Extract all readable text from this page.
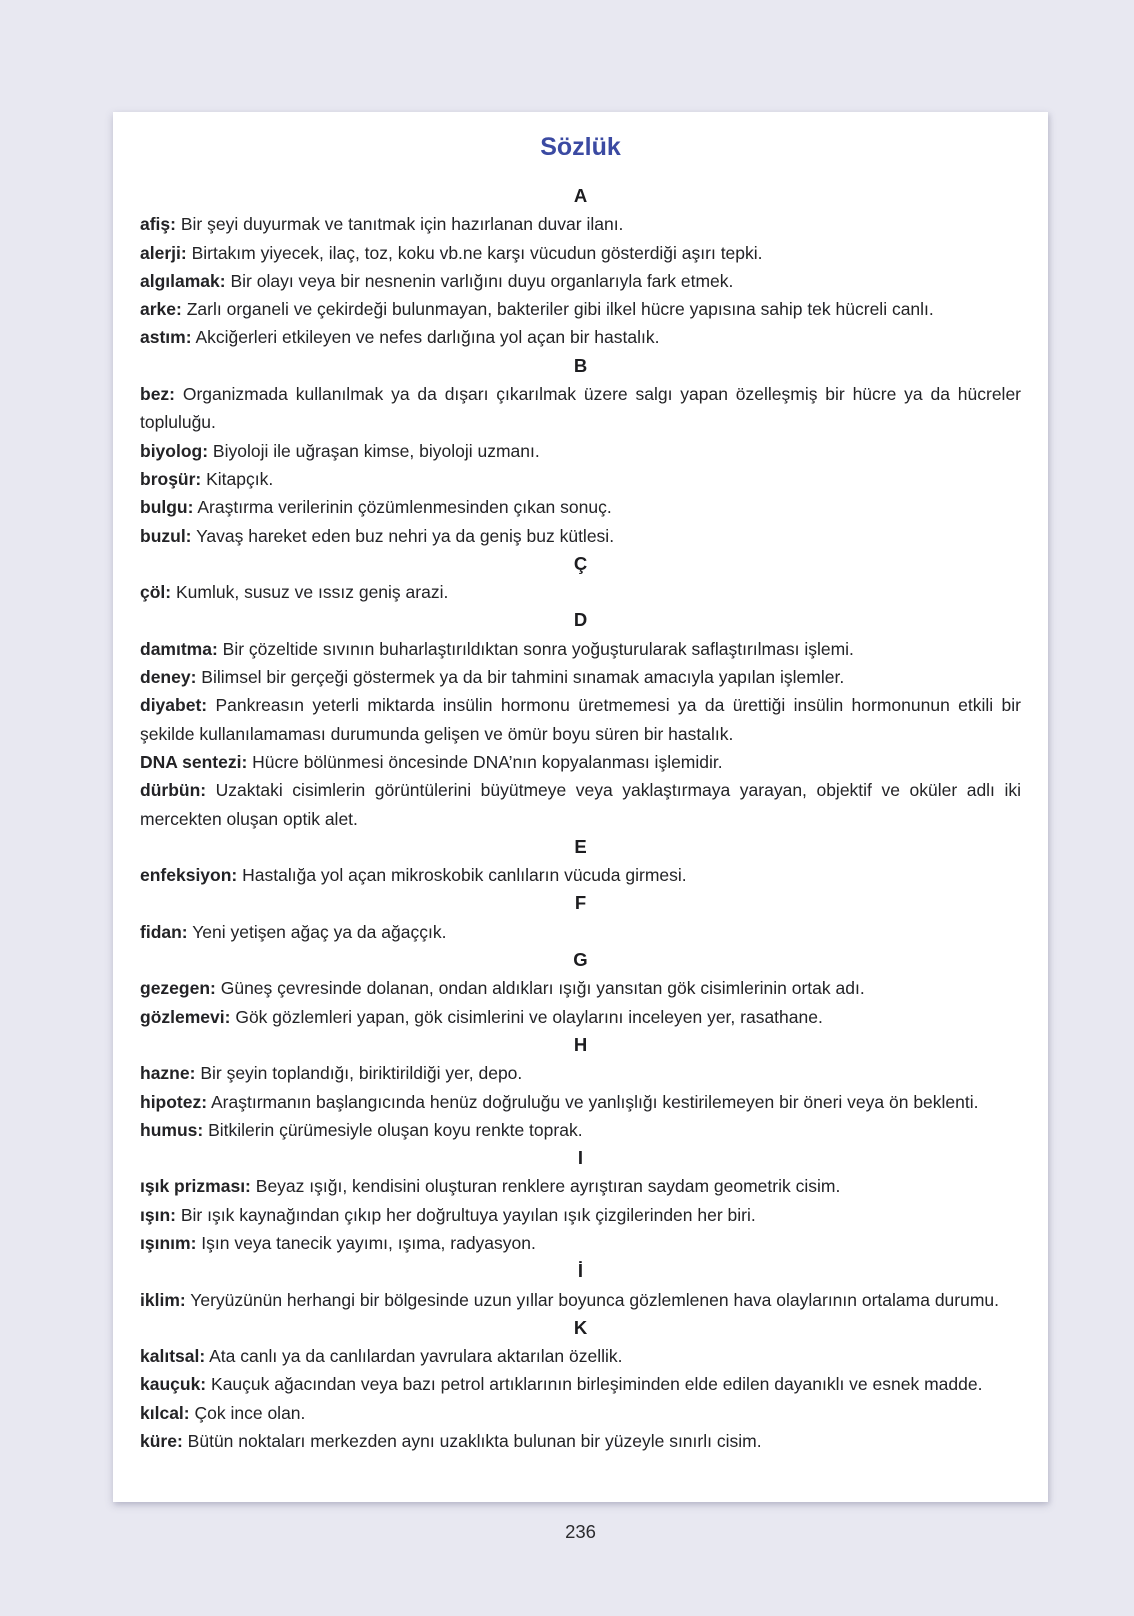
Sözlük
A

afiş: Bir şeyi duyurmak ve tanıtmak için hazırlanan duvar ilanı.

alerji: Birtakım yiyecek, ilaç, toz, koku vb.ne karşı vücudun gösterdiği aşırı tepki.

algılamak: Bir olayı veya bir nesnenin varlığını duyu organlarıyla fark etmek.

arke: Zarlı organeli ve çekirdeği bulunmayan, bakteriler gibi ilkel hücre yapısına sahip tek hücreli canlı.

astım: Akciğerleri etkileyen ve nefes darlığına yol açan bir hastalık.

B

bez: Organizmada kullanılmak ya da dışarı çıkarılmak üzere salgı yapan özelleşmiş bir hücre ya da hücreler topluluğu.

biyolog: Biyoloji ile uğraşan kimse, biyoloji uzmanı.

broşür: Kitapçık.

bulgu: Araştırma verilerinin çözümlenmesinden çıkan sonuç.

buzul: Yavaş hareket eden buz nehri ya da geniş buz kütlesi.

Ç

çöl: Kumluk, susuz ve ıssız geniş arazi.

D

damıtma: Bir çözeltide sıvının buharlaştırıldıktan sonra yoğuşturularak saflaştırılması işlemi.

deney: Bilimsel bir gerçeği göstermek ya da bir tahmini sınamak amacıyla yapılan işlemler.

diyabet: Pankreasın yeterli miktarda insülin hormonu üretmemesi ya da ürettiği insülin hormonunun etkili bir şekilde kullanılamaması durumunda gelişen ve ömür boyu süren bir hastalık.

DNA sentezi: Hücre bölünmesi öncesinde DNA’nın kopyalanması işlemidir.

dürbün: Uzaktaki cisimlerin görüntülerini büyütmeye veya yaklaştırmaya yarayan, objektif ve oküler adlı iki mercekten oluşan optik alet.

E

enfeksiyon: Hastalığa yol açan mikroskobik canlıların vücuda girmesi.

F

fidan: Yeni yetişen ağaç ya da ağaççık.

G

gezegen: Güneş çevresinde dolanan, ondan aldıkları ışığı yansıtan gök cisimlerinin ortak adı.

gözlemevi: Gök gözlemleri yapan, gök cisimlerini ve olaylarını inceleyen yer, rasathane.

H

hazne: Bir şeyin toplandığı, biriktirildiği yer, depo.

hipotez: Araştırmanın başlangıcında henüz doğruluğu ve yanlışlığı kestirilemeyen bir öneri veya ön beklenti.

humus: Bitkilerin çürümesiyle oluşan koyu renkte toprak.

I

ışık prizması: Beyaz ışığı, kendisini oluşturan renklere ayrıştıran saydam geometrik cisim.

ışın: Bir ışık kaynağından çıkıp her doğrultuya yayılan ışık çizgilerinden her biri.

ışınım: Işın veya tanecik yayımı, ışıma, radyasyon.

İ

iklim: Yeryüzünün herhangi bir bölgesinde uzun yıllar boyunca gözlemlenen hava olaylarının ortalama durumu.

K

kalıtsal: Ata canlı ya da canlılardan yavrulara aktarılan özellik.

kauçuk: Kauçuk ağacından veya bazı petrol artıklarının birleşiminden elde edilen dayanıklı ve esnek madde.

kılcal: Çok ince olan.

küre: Bütün noktaları merkezden aynı uzaklıkta bulunan bir yüzeyle sınırlı cisim.

236
